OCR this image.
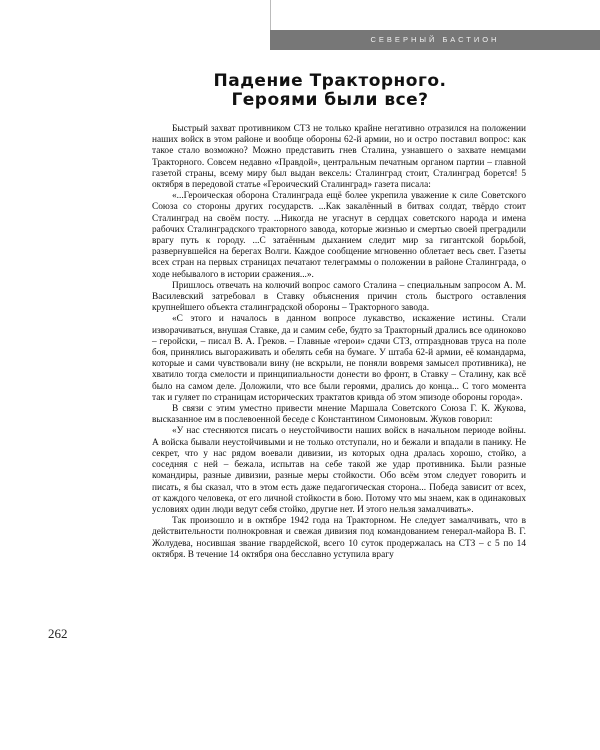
СЕВЕРНЫЙ БАСТИОН
Падение Тракторного.
Героями были все?

Быстрый захват противником СТЗ не только крайне негативно отразился на положении наших войск в этом районе и вообще обороны 62-й армии, но и остро поставил вопрос: как такое стало возможно? Можно представить гнев Сталина, узнавшего о захвате немцами Тракторного. Совсем недавно «Правдой», центральным печатным органом партии – главной газетой страны, всему миру был выдан вексель: Сталинград стоит, Сталинград борется! 5 октября в передовой статье «Героический Сталинград» газета писала:

«...Героическая оборона Сталинграда ещё более укрепила уважение к силе Советского Союза со стороны других государств. ...Как закалённый в битвах солдат, твёрдо стоит Сталинград на своём посту. ...Никогда не угаснут в сердцах советского народа и имена рабочих Сталинградского тракторного завода, которые жизнью и смертью своей преградили врагу путь к городу. ...С затаённым дыханием следит мир за гигантской борьбой, развернувшейся на берегах Волги. Каждое сообщение мгновенно облетает весь свет. Газеты всех стран на первых страницах печатают телеграммы о положении в районе Сталинграда, о ходе небывалого в истории сражения...».

Пришлось отвечать на колючий вопрос самого Сталина – специальным запросом А. М. Василевский затребовал в Ставку объяснения причин столь быстрого оставления крупнейшего объекта сталинградской обороны – Тракторного завода.

«С этого и началось в данном вопросе лукавство, искажение истины. Стали изворачиваться, внушая Ставке, да и самим себе, будто за Тракторный дрались все одиноково – геройски, – писал В. А. Греков. – Главные «герои» сдачи СТЗ, отпраздновав труса на поле боя, принялись выгораживать и обелять себя на бумаге. У штаба 62-й армии, её командарма, которые и сами чувствовали вину (не вскрыли, не поняли вовремя замысел противника), не хватило тогда смелости и принципиальности донести во фронт, в Ставку – Сталину, как всё было на самом деле. Доложили, что все были героями, дрались до конца... С того момента так и гуляет по страницам исторических трактатов кривда об этом эпизоде обороны города».

В связи с этим уместно привести мнение Маршала Советского Союза Г. К. Жукова, высказанное им в послевоенной беседе с Константином Симоновым. Жуков говорил:

«У нас стесняются писать о неустойчивости наших войск в начальном периоде войны. А войска бывали неустойчивыми и не только отступали, но и бежали и впадали в панику. Не секрет, что у нас рядом воевали дивизии, из которых одна дралась хорошо, стойко, а соседняя с ней – бежала, испытав на себе такой же удар противника. Были разные командиры, разные дивизии, разные меры стойкости. Обо всём этом следует говорить и писать, я бы сказал, что в этом есть даже педагогическая сторона... Победа зависит от всех, от каждого человека, от его личной стойкости в бою. Потому что мы знаем, как в одинаковых условиях один люди ведут себя стойко, другие нет. И этого нельзя замалчивать».

Так произошло и в октябре 1942 года на Тракторном. Не следует замалчивать, что в действительности полнокровная и свежая дивизия под командованием генерал-майора В. Г. Жолудева, носившая звание гвардейской, всего 10 суток продержалась на СТЗ – с 5 по 14 октября. В течение 14 октября она бесславно уступила врагу

262
